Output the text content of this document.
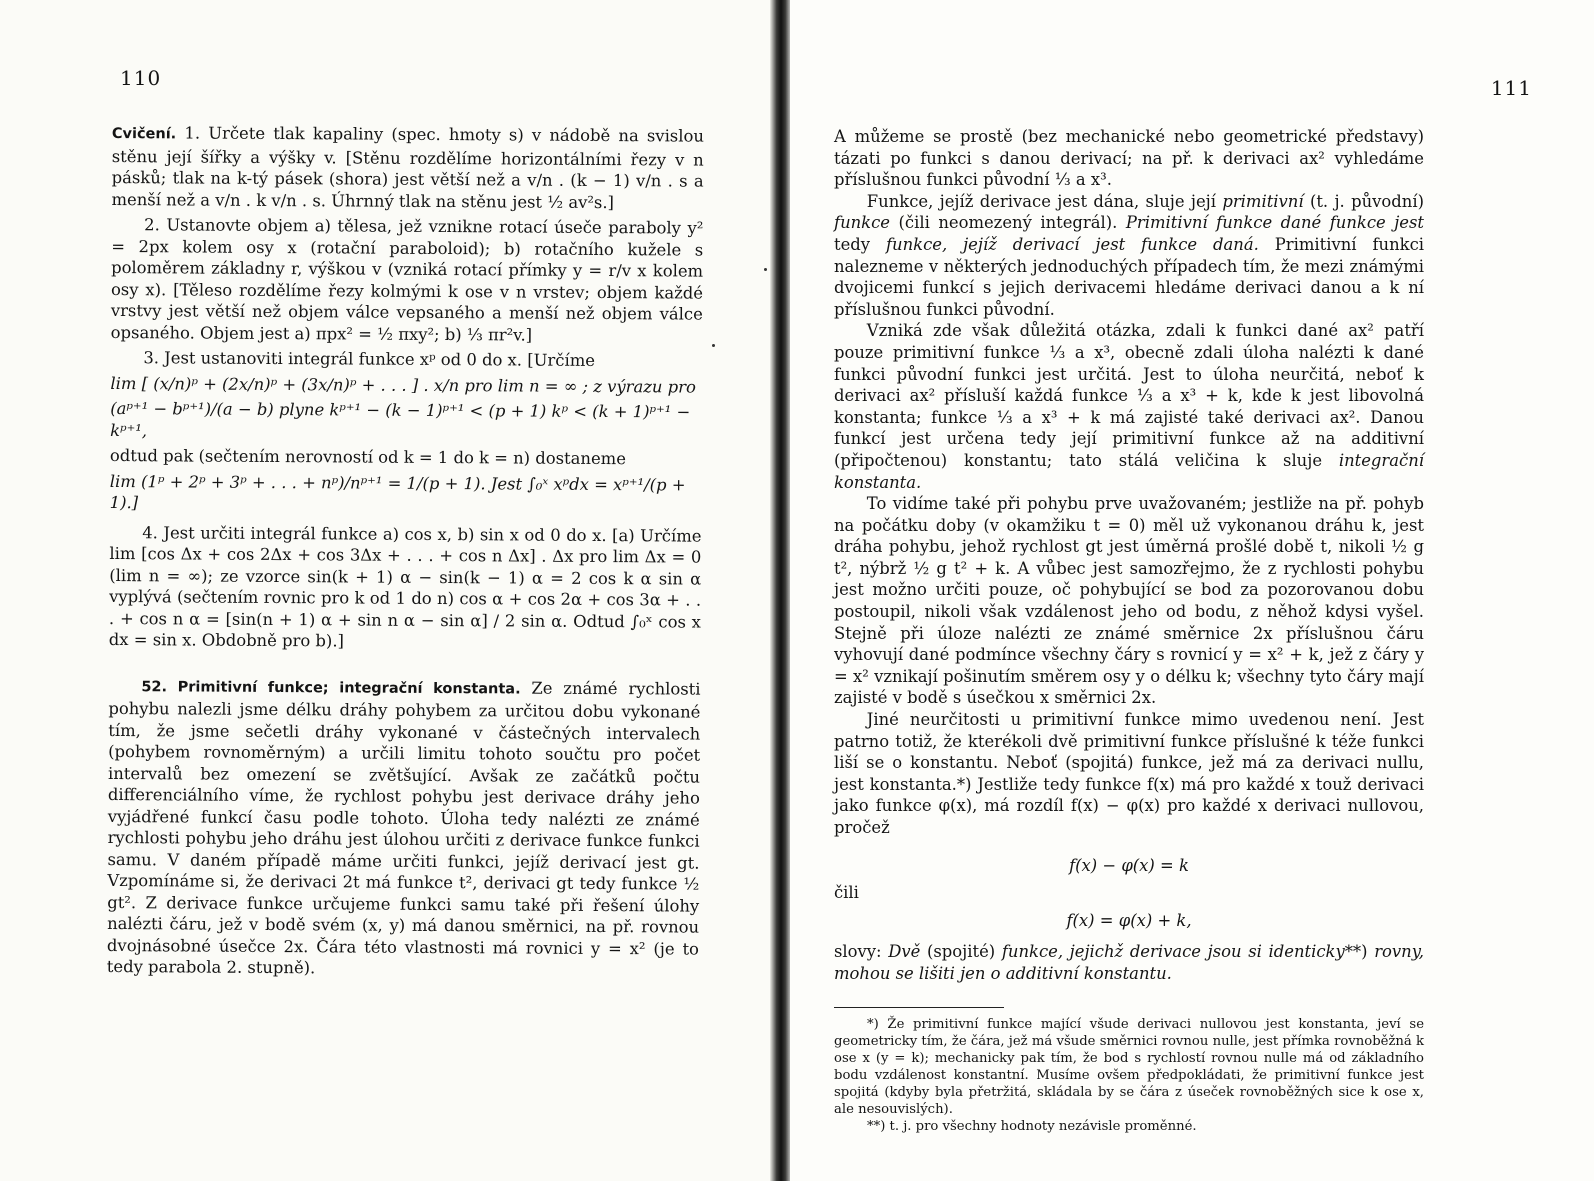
110

Cvičení. 1. Určete tlak kapaliny (spec. hmoty s) v nádobě na svislou stěnu její šířky a výšky v. [Stěnu rozdělíme horizontálními řezy v n pásků; tlak na k-tý pásek (shora) jest větší než a v/n . (k − 1) v/n . s a menší než a v/n . k v/n . s. Úhrnný tlak na stěnu jest ½ av²s.]

2. Ustanovte objem a) tělesa, jež vznikne rotací úseče paraboly y² = 2px kolem osy x (rotační paraboloid); b) rotačního kužele s poloměrem základny r, výškou v (vzniká rotací přímky y = r/v x kolem osy x). [Těleso rozdělíme řezy kolmými k ose v n vrstev; objem každé vrstvy jest větší než objem válce vepsaného a menší než objem válce opsaného. Objem jest a) πpx² = ½ πxy²; b) ⅓ πr²v.]

3. Jest ustanoviti integrál funkce xᵖ od 0 do x. [Určíme

lim [ (x/n)ᵖ + (2x/n)ᵖ + (3x/n)ᵖ + . . . ] . x/n pro lim n = ∞ ; z výrazu pro

(aᵖ⁺¹ − bᵖ⁺¹)/(a − b) plyne kᵖ⁺¹ − (k − 1)ᵖ⁺¹ < (p + 1) kᵖ < (k + 1)ᵖ⁺¹ − kᵖ⁺¹,

odtud pak (sečtením nerovností od k = 1 do k = n) dostaneme

lim (1ᵖ + 2ᵖ + 3ᵖ + . . . + nᵖ)/nᵖ⁺¹ = 1/(p + 1). Jest ∫₀ˣ xᵖdx = xᵖ⁺¹/(p + 1).]

4. Jest určiti integrál funkce a) cos x, b) sin x od 0 do x. [a) Určíme lim [cos Δx + cos 2Δx + cos 3Δx + . . . + cos n Δx] . Δx pro lim Δx = 0 (lim n = ∞); ze vzorce sin(k + 1) α − sin(k − 1) α = 2 cos k α sin α vyplývá (sečtením rovnic pro k od 1 do n) cos α + cos 2α + cos 3α + . . . + cos n α = [sin(n + 1) α + sin n α − sin α] / 2 sin α. Odtud ∫₀ˣ cos x dx = sin x. Obdobně pro b).]

52. Primitivní funkce; integrační konstanta. Ze známé rychlosti pohybu nalezli jsme délku dráhy pohybem za určitou dobu vykonané tím, že jsme sečetli dráhy vykonané v částečných intervalech (pohybem rovnoměrným) a určili limitu tohoto součtu pro počet intervalů bez omezení se zvětšující. Avšak ze začátků počtu differenciálního víme, že rychlost pohybu jest derivace dráhy jeho vyjádřené funkcí času podle tohoto. Úloha tedy nalézti ze známé rychlosti pohybu jeho dráhu jest úlohou určiti z derivace funkce funkci samu. V daném případě máme určiti funkci, jejíž derivací jest gt. Vzpomínáme si, že derivaci 2t má funkce t², derivaci gt tedy funkce ½ gt². Z derivace funkce určujeme funkci samu také při řešení úlohy nalézti čáru, jež v bodě svém (x, y) má danou směrnici, na př. rovnou dvojnásobné úsečce 2x. Čára této vlastnosti má rovnici y = x² (je to tedy parabola 2. stupně).

111

A můžeme se prostě (bez mechanické nebo geometrické představy) tázati po funkci s danou derivací; na př. k derivaci ax² vyhledáme příslušnou funkci původní ⅓ a x³.

Funkce, jejíž derivace jest dána, sluje její primitivní (t. j. původní) funkce (čili neomezený integrál). Primitivní funkce dané funkce jest tedy funkce, jejíž derivací jest funkce daná. Primitivní funkci nalezneme v některých jednoduchých případech tím, že mezi známými dvojicemi funkcí s jejich derivacemi hledáme derivaci danou a k ní příslušnou funkci původní.

Vzniká zde však důležitá otázka, zdali k funkci dané ax² patří pouze primitivní funkce ⅓ a x³, obecně zdali úloha nalézti k dané funkci původní funkci jest určitá. Jest to úloha neurčitá, neboť k derivaci ax² přísluší každá funkce ⅓ a x³ + k, kde k jest libovolná konstanta; funkce ⅓ a x³ + k má zajisté také derivaci ax². Danou funkcí jest určena tedy její primitivní funkce až na additivní (připočtenou) konstantu; tato stálá veličina k sluje integrační konstanta.

To vidíme také při pohybu prve uvažovaném; jestliže na př. pohyb na počátku doby (v okamžiku t = 0) měl už vykonanou dráhu k, jest dráha pohybu, jehož rychlost gt jest úměrná prošlé době t, nikoli ½ g t², nýbrž ½ g t² + k. A vůbec jest samozřejmo, že z rychlosti pohybu jest možno určiti pouze, oč pohybující se bod za pozorovanou dobu postoupil, nikoli však vzdálenost jeho od bodu, z něhož kdysi vyšel. Stejně při úloze nalézti ze známé směrnice 2x příslušnou čáru vyhovují dané podmínce všechny čáry s rovnicí y = x² + k, jež z čáry y = x² vznikají pošinutím směrem osy y o délku k; všechny tyto čáry mají zajisté v bodě s úsečkou x směrnici 2x.

Jiné neurčitosti u primitivní funkce mimo uvedenou není. Jest patrno totiž, že kterékoli dvě primitivní funkce příslušné k téže funkci liší se o konstantu. Neboť (spojitá) funkce, jež má za derivaci nullu, jest konstanta.*) Jestliže tedy funkce f(x) má pro každé x touž derivaci jako funkce φ(x), má rozdíl f(x) − φ(x) pro každé x derivaci nullovou, pročež

f(x) − φ(x) = k

čili

f(x) = φ(x) + k,

slovy: Dvě (spojité) funkce, jejichž derivace jsou si identicky**) rovny, mohou se lišiti jen o additivní konstantu.

*) Že primitivní funkce mající všude derivaci nullovou jest konstanta, jeví se geometricky tím, že čára, jež má všude směrnici rovnou nulle, jest přímka rovnoběžná k ose x (y = k); mechanicky pak tím, že bod s rychlostí rovnou nulle má od základního bodu vzdálenost konstantní. Musíme ovšem předpokládati, že primitivní funkce jest spojitá (kdyby byla přetržitá, skládala by se čára z úseček rovnoběžných sice k ose x, ale nesouvislých).

**) t. j. pro všechny hodnoty nezávisle proměnné.
